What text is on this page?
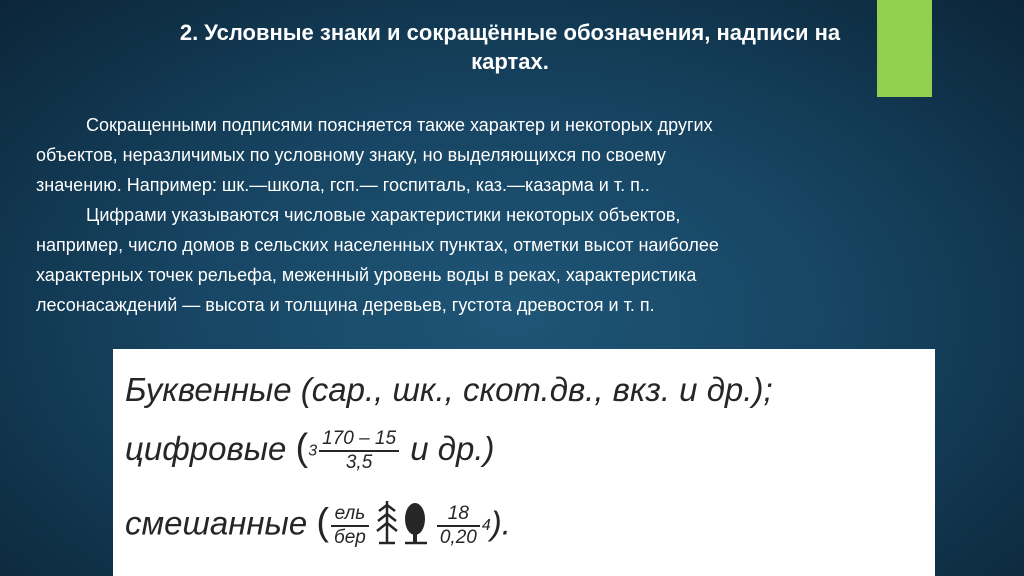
2. Условные знаки и сокращённые обозначения, надписи на
картах.
Сокращенными подписями поясняется также характер и некоторых других
объектов, неразличимых по условному знаку, но выделяющихся по своему
значению. Например: шк.—школа, гсп.— госпиталь, каз.—казарма и т. п..
Цифрами указываются числовые характеристики некоторых объектов,
например, число домов в сельских населенных пунктах, отметки высот наиболее
характерных точек рельефа, меженный уровень воды в реках, характеристика
лесонасаждений — высота и толщина деревьев, густота древостоя и т. п.
Буквенные (сар., шк., скот.дв., вкз. и др.);
цифровые ($3 \frac{170 - 15}{3,5}$ и др.)
смешанные ( $\frac{\text{ель}}{\text{бер}}$	$\frac{18}{0,20} 4$).
